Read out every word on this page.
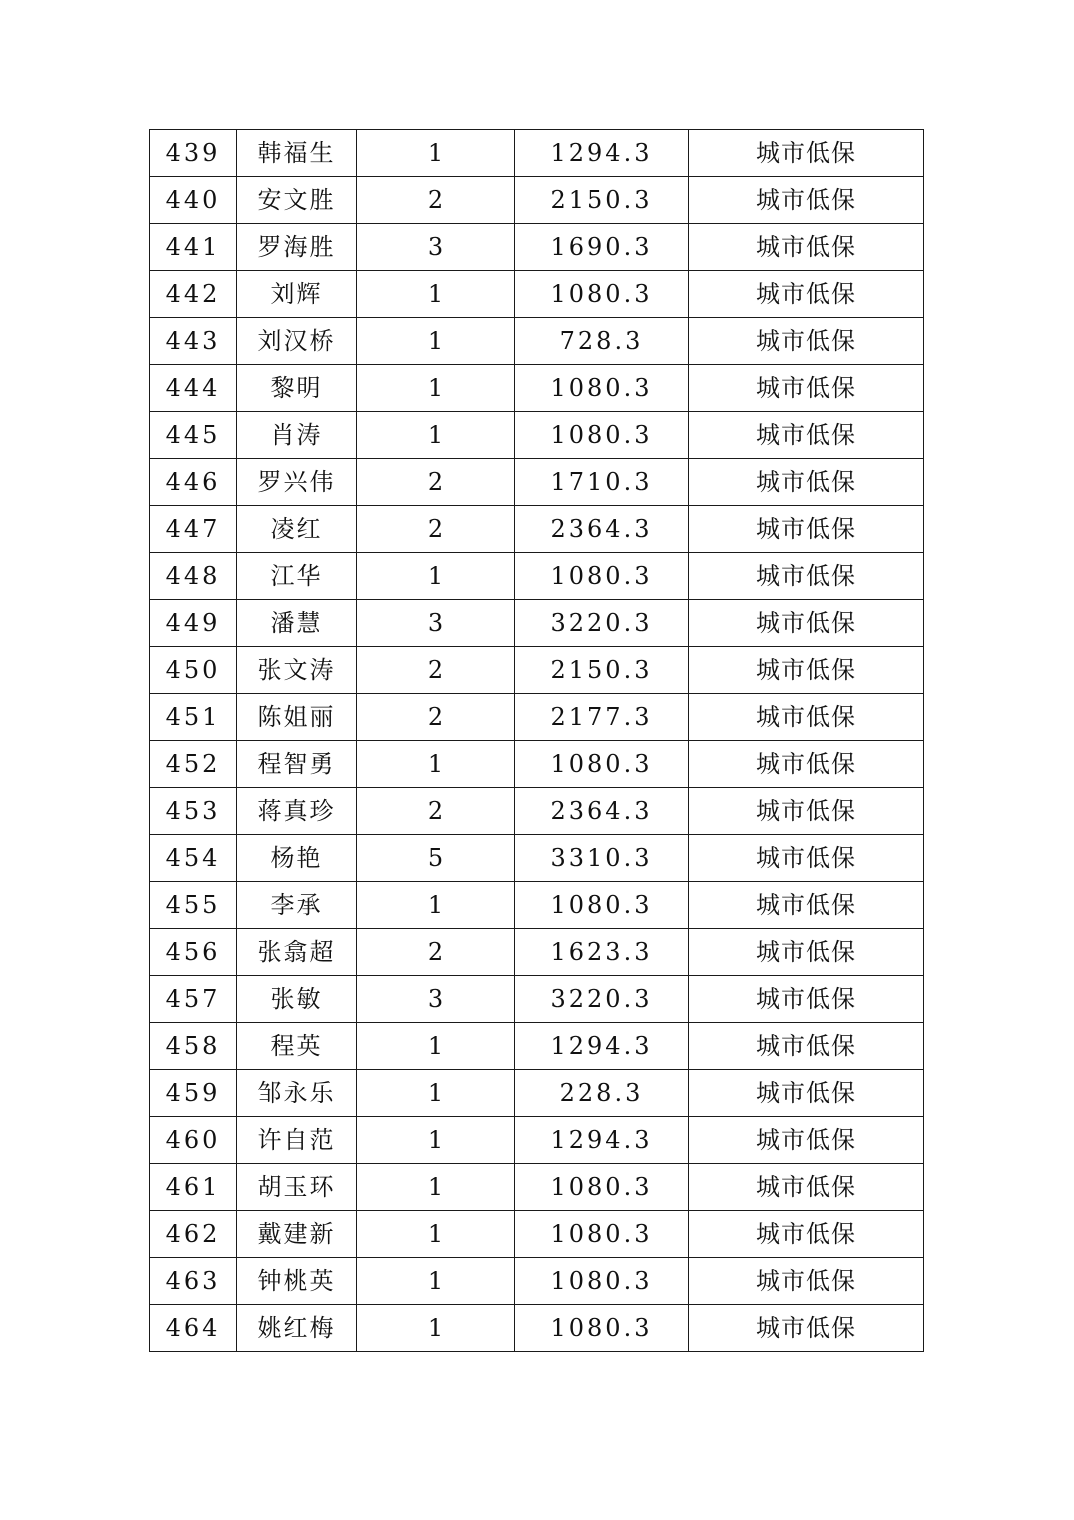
439	韩福生	1	1294.3	城市低保
440	安文胜	2	2150.3	城市低保
441	罗海胜	3	1690.3	城市低保
442	刘辉	1	1080.3	城市低保
443	刘汉桥	1	728.3	城市低保
444	黎明	1	1080.3	城市低保
445	肖涛	1	1080.3	城市低保
446	罗兴伟	2	1710.3	城市低保
447	凌红	2	2364.3	城市低保
448	江华	1	1080.3	城市低保
449	潘慧	3	3220.3	城市低保
450	张文涛	2	2150.3	城市低保
451	陈姐丽	2	2177.3	城市低保
452	程智勇	1	1080.3	城市低保
453	蒋真珍	2	2364.3	城市低保
454	杨艳	5	3310.3	城市低保
455	李承	1	1080.3	城市低保
456	张翕超	2	1623.3	城市低保
457	张敏	3	3220.3	城市低保
458	程英	1	1294.3	城市低保
459	邹永乐	1	228.3	城市低保
460	许自范	1	1294.3	城市低保
461	胡玉环	1	1080.3	城市低保
462	戴建新	1	1080.3	城市低保
463	钟桃英	1	1080.3	城市低保
464	姚红梅	1	1080.3	城市低保
